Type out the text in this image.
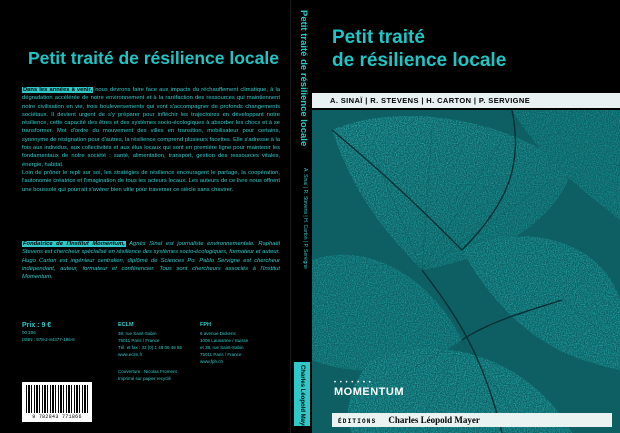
Petit traité de résilience locale

Dans les années à venir, nous devrons faire face aux impacts du réchauffement climatique, à la dégradation accélérée de notre environnement et à la raréfaction des ressources qui maintiennent notre civilisation en vie, trois bouleversements qui vont s'accompagner de profonds changements sociétaux. Il devient urgent de s'y préparer pour infléchir les trajectoires en développant notre résilience, cette capacité des êtres et des systèmes socio-écologiques à absorber les chocs et à se transformer. Mot d'ordre du mouvement des villes en transition, mobilisateur pour certains, synonyme de résignation pour d'autres, la résilience comprend plusieurs facettes. Elle s'adresse à la fois aux individus, aux collectivités et aux élus locaux qui sont en première ligne pour maintenir les fondamentaux de notre société : santé, alimentation, transport, gestion des ressources vitales, énergie, habitat.

Loin de prôner le repli sur soi, les stratégies de résilience encouragent le partage, la coopération, l'autonomie créatrice et l'imagination de tous les acteurs locaux. Les auteurs de ce livre nous offrent une boussole qui pourrait s'avérer bien utile pour traverser ce siècle sans chavirer.

Fondatrice de l'Institut Momentum, Agnès Sinaï est journaliste environnementale. Raphaël Stevens est chercheur spécialisé en résilience des systèmes socio-écologiques, formateur et auteur. Hugo Carton est ingénieur centralien, diplômé de Sciences Po. Pablo Servigne est chercheur indépendant, auteur, formateur et conférencier. Tous sont chercheurs associés à l'Institut Momentum.

Prix : 9 €
00 206
ISBN : 978-2-84377-186-6
ECLM
38, rue Saint-Sabin
75011 Paris / France
Tél. et fax : 33 (0) 1 48 06 48 86
www.eclm.fr
FPH
6 avenue Dickens
1006 Lausanne / Suisse
et 38, rue Saint-Sabin
75011 Paris / France
www.fph.ch
Couverture : Nicolas Froment
Imprimé sur papier recyclé
9 782843 771866
Petit traité de résilience locale
A. Sinaï | R. Stevens | H. Carton | P. Servigne
Charles Léopold Mayer
Petit traité
de résilience locale
A. SINAÏ | R. STEVENS | H. CARTON | P. SERVIGNE
• • • • • • •
MOMENTUM
ÉDITIONS Charles Léopold Mayer
